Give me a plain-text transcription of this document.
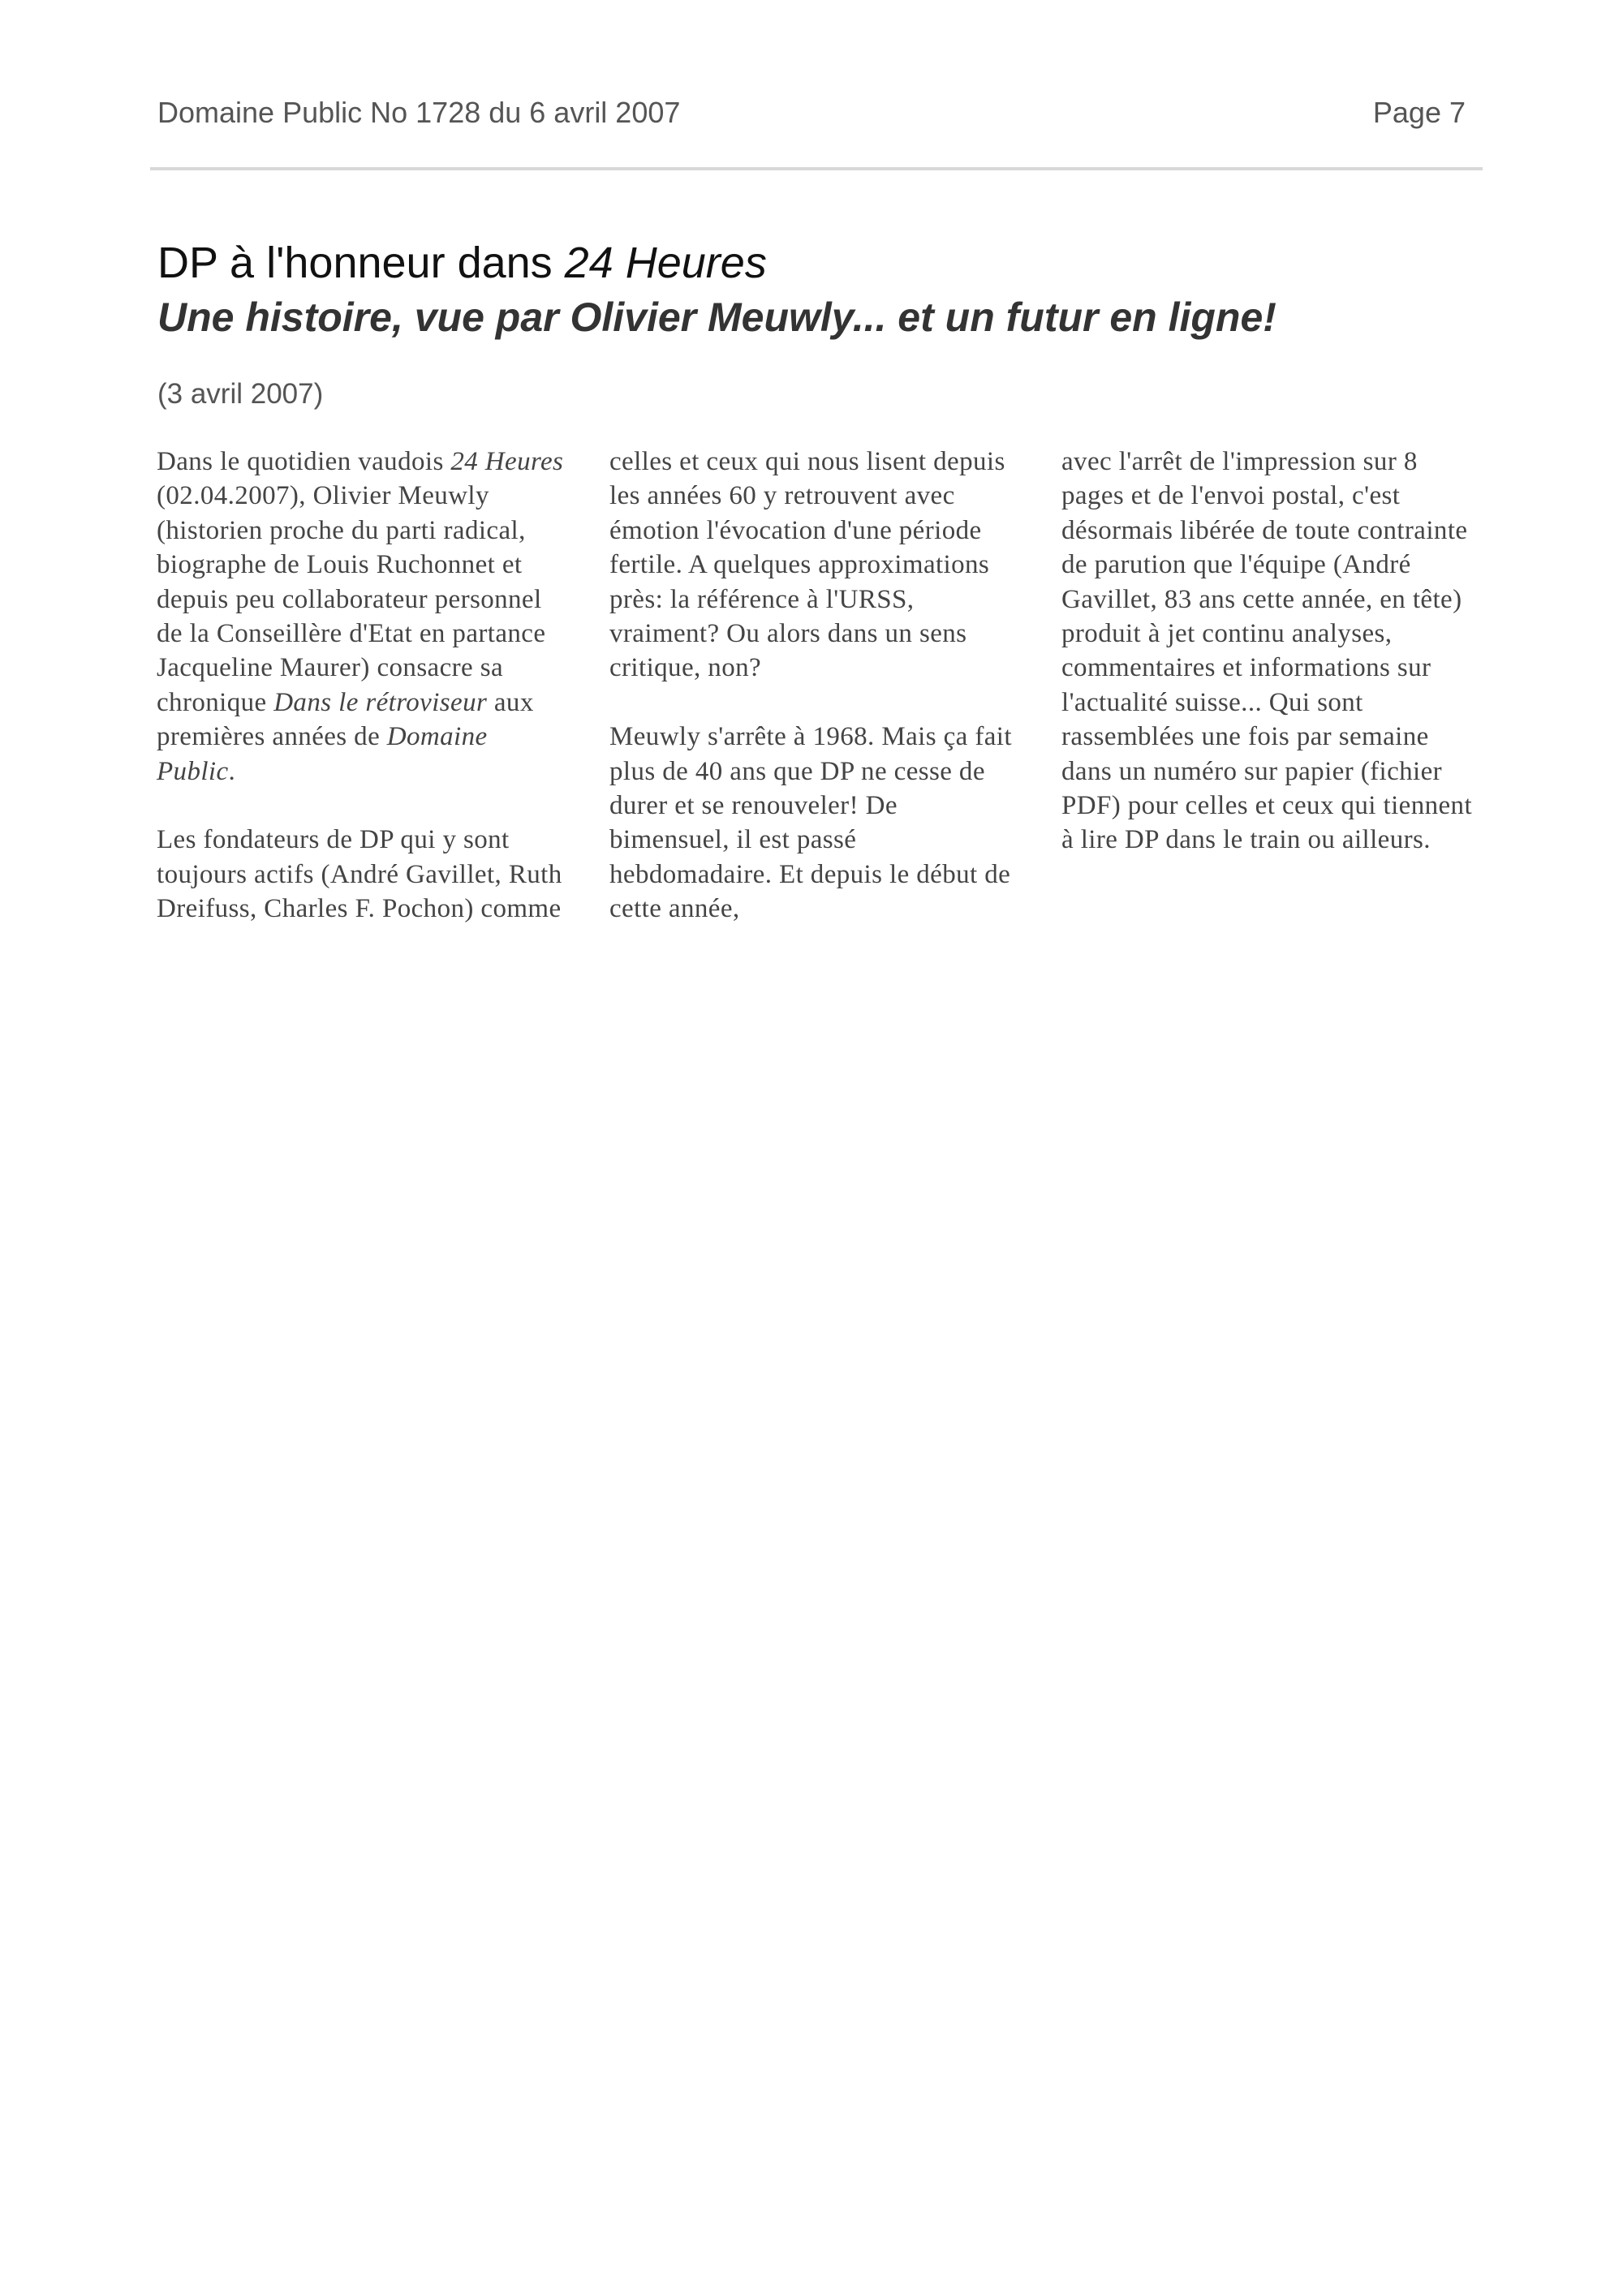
Domaine Public No 1728 du 6 avril 2007	Page 7
DP à l'honneur dans 24 Heures
Une histoire, vue par Olivier Meuwly... et un futur en ligne!
(3 avril 2007)

Dans le quotidien vaudois 24 Heures (02.04.2007), Olivier Meuwly (historien proche du parti radical, biographe de Louis Ruchonnet et depuis peu collaborateur personnel de la Conseillère d'Etat en partance Jacqueline Maurer) consacre sa chronique Dans le rétroviseur aux premières années de Domaine Public.

Les fondateurs de DP qui y sont toujours actifs (André Gavillet, Ruth Dreifuss, Charles F. Pochon) comme

celles et ceux qui nous lisent depuis les années 60 y retrouvent avec émotion l'évocation d'une période fertile. A quelques approximations près: la référence à l'URSS, vraiment? Ou alors dans un sens critique, non?

Meuwly s'arrête à 1968. Mais ça fait plus de 40 ans que DP ne cesse de durer et se renouveler! De bimensuel, il est passé hebdomadaire. Et depuis le début de cette année,

avec l'arrêt de l'impression sur 8 pages et de l'envoi postal, c'est désormais libérée de toute contrainte de parution que l'équipe (André Gavillet, 83 ans cette année, en tête) produit à jet continu analyses, commentaires et informations sur l'actualité suisse... Qui sont rassemblées une fois par semaine dans un numéro sur papier (fichier PDF) pour celles et ceux qui tiennent à lire DP dans le train ou ailleurs.
